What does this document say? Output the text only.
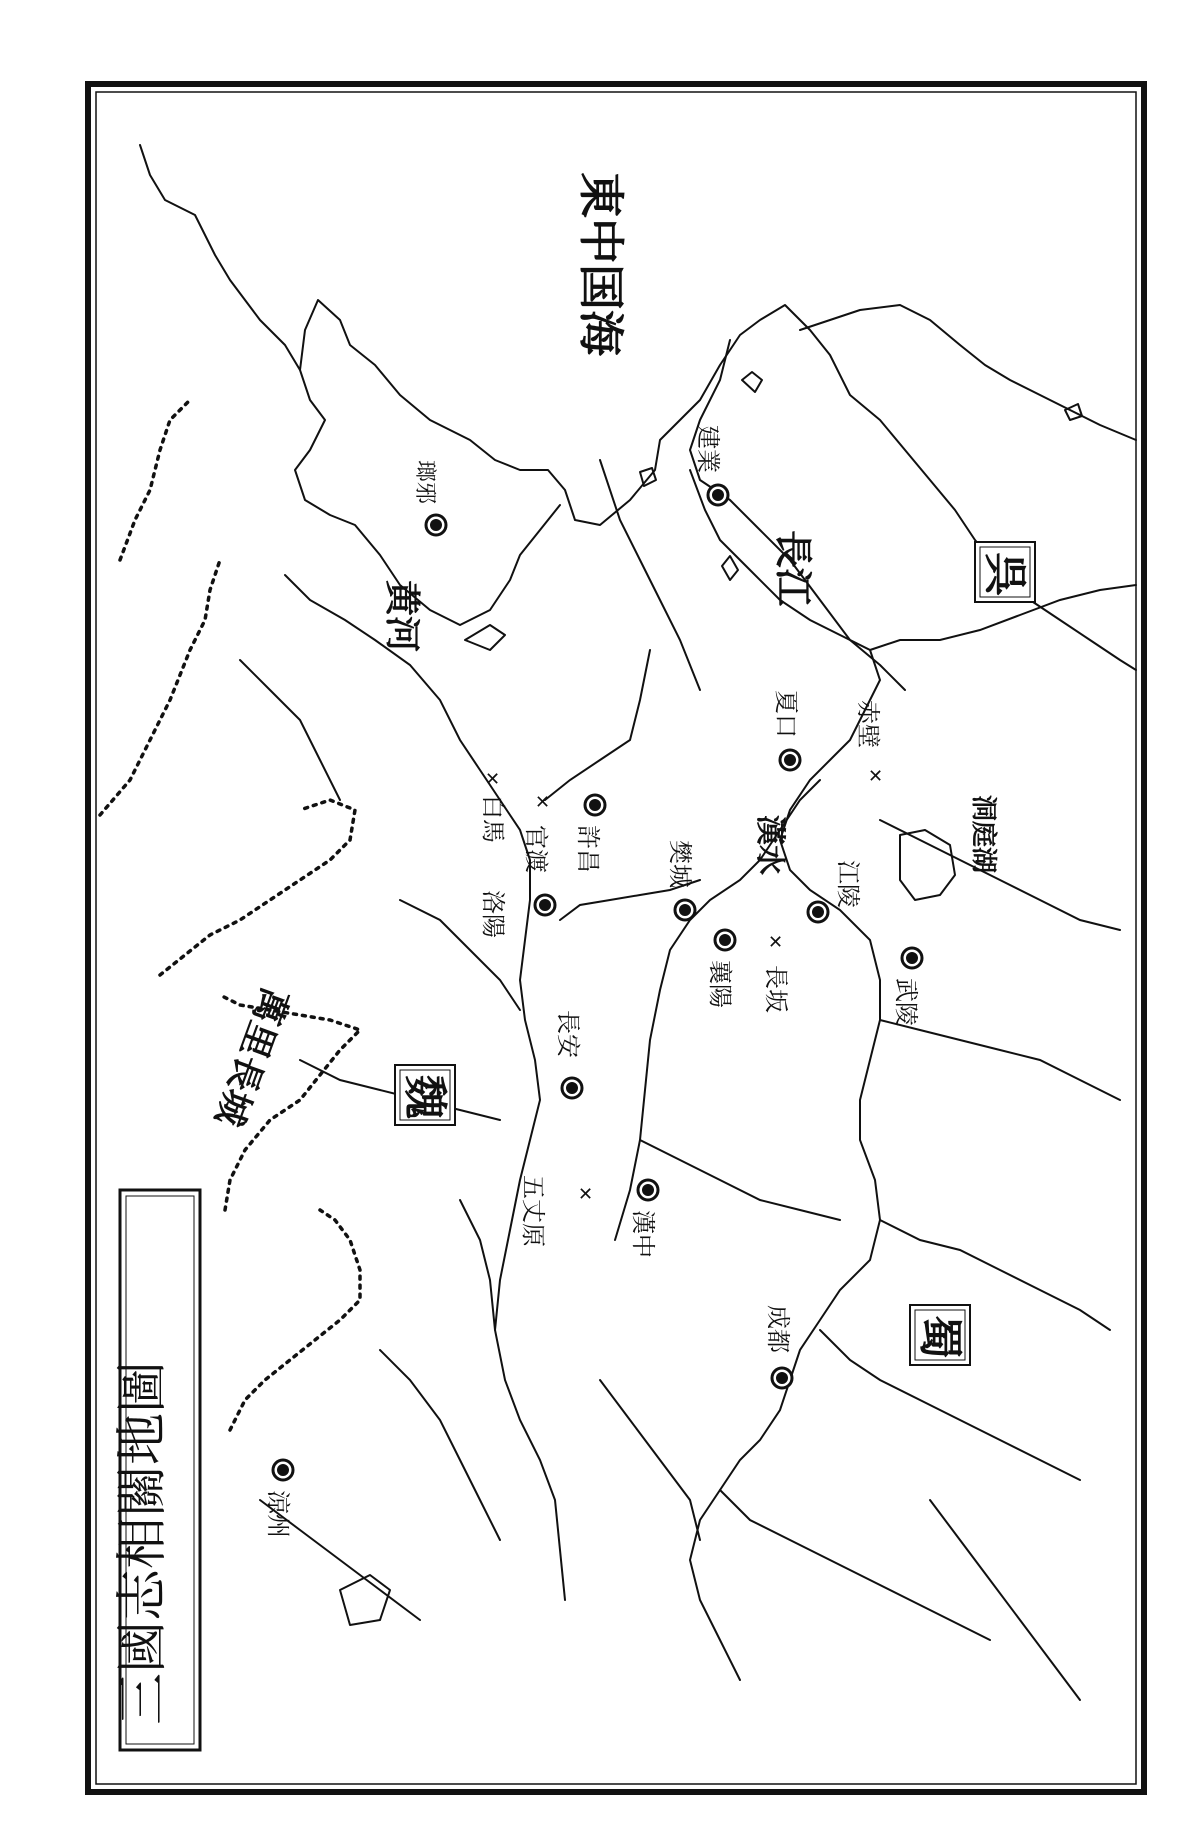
三國志相關地圖
東中国海
魏
呉
蜀
萬里長城
黄河
長江
漢水	洞庭湖
瑯邪
建業
夏口
許昌
洛陽
樊城
襄陽
江陵
武陵
長安
漢中
成都
涼州
白馬
✕
官渡
✕
赤壁
✕
長坂
✕
五丈原 ✕
